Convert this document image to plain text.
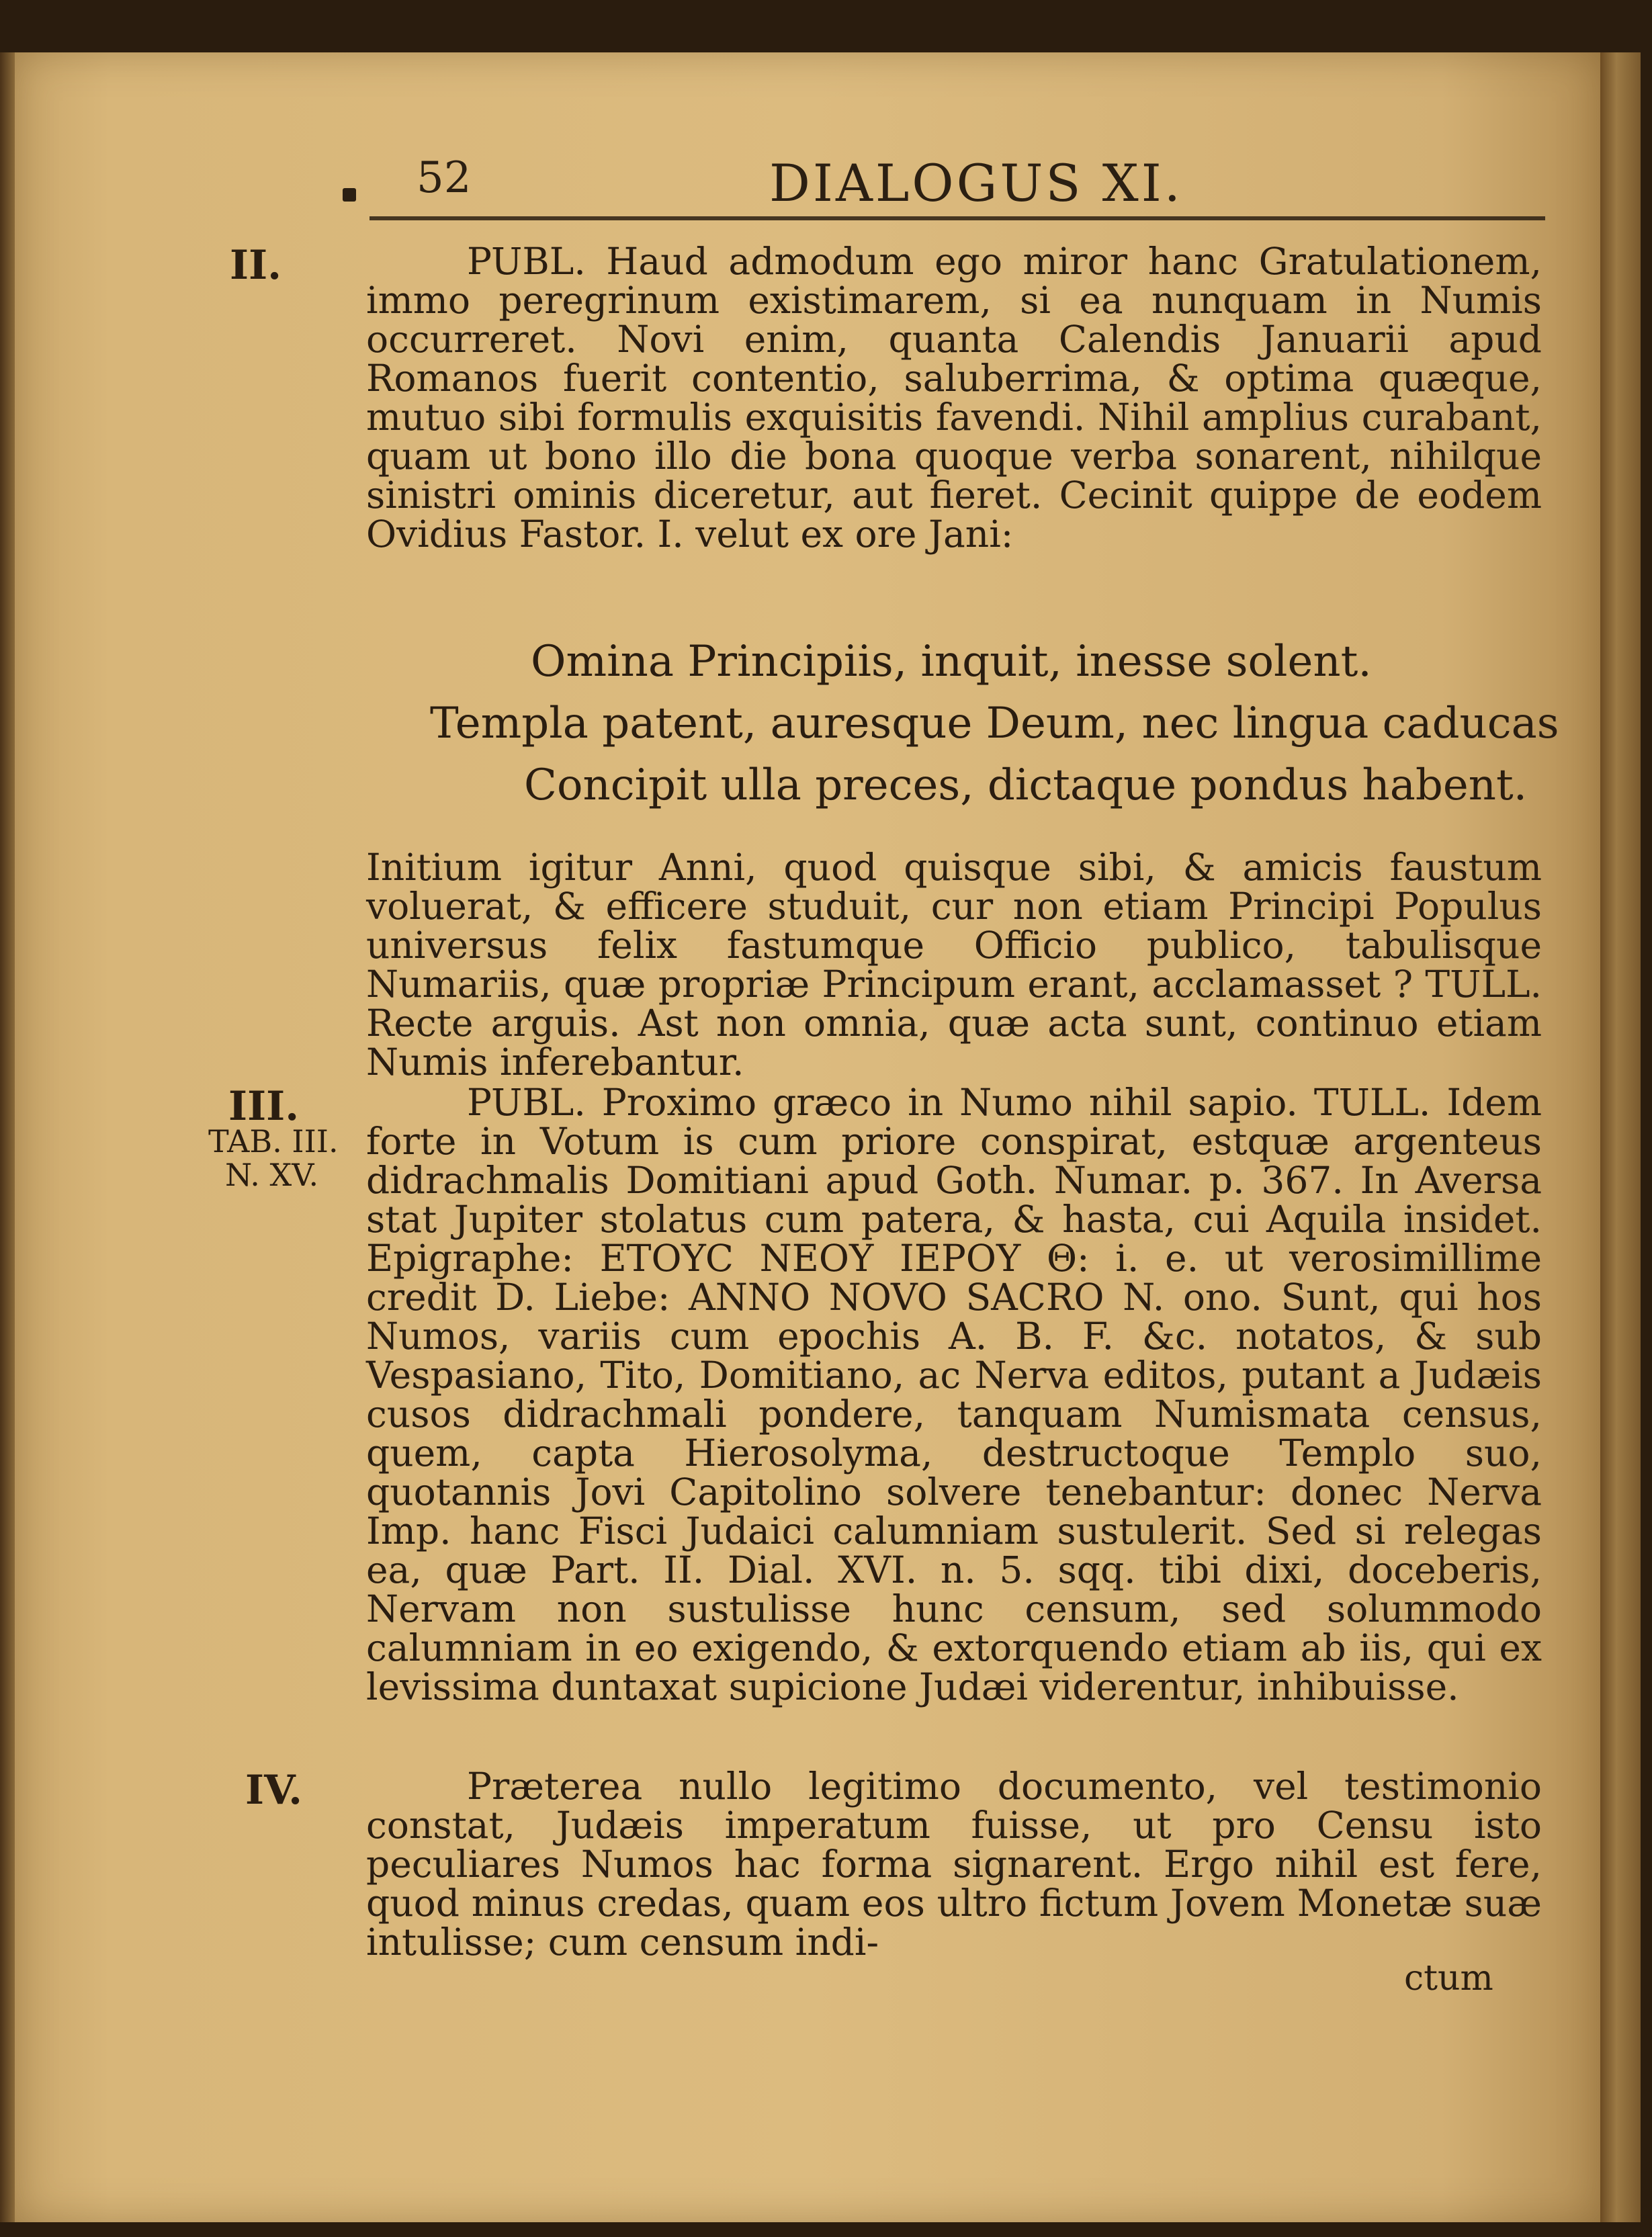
52	DIALOGUS XI.
II.	PUBL. Haud admodum ego miror hanc Gratulationem, immo peregrinum existimarem, si ea nunquam in Numis occurreret. Novi enim, quanta Calendis Januarii apud Romanos fuerit contentio, saluberrima, & optima quæque, mutuo sibi formulis exquisitis favendi. Nihil amplius curabant, quam ut bono illo die bona quoque verba sonarent, nihilque sinistri ominis diceretur, aut fieret. Cecinit quippe de eodem Ovidius Fastor. I. velut ex ore Jani:

Omina Principiis, inquit, inesse solent.
Templa patent, auresque Deum, nec lingua caducas
Concipit ulla preces, dictaque pondus habent.

Initium igitur Anni, quod quisque sibi, & amicis faustum voluerat, & efficere studuit, cur non etiam Principi Populus universus felix fastumque Officio publico, tabulisque Numariis, quæ propriæ Principum erant, acclamasset ? TULL. Recte arguis. Ast non omnia, quæ acta sunt, continuo etiam Numis inferebantur.

III.
TAB. III.
N. XV.

PUBL. Proximo græco in Numo nihil sapio. TULL. Idem forte in Votum is cum priore conspirat, estquæ argenteus didrachmalis Domitiani apud Goth. Numar. p. 367. In Aversa stat Jupiter stolatus cum patera, & hasta, cui Aquila insidet. Epigraphe: ETOYC NEOY IEPOY Θ: i. e. ut verosimillime credit D. Liebe: ANNO NOVO SACRO N. ono. Sunt, qui hos Numos, variis cum epochis A. B. F. &c. notatos, & sub Vespasiano, Tito, Domitiano, ac Nerva editos, putant a Judæis cusos didrachmali pondere, tanquam Numismata census, quem, capta Hierosolyma, destructoque Templo suo, quotannis Jovi Capitolino solvere tenebantur: donec Nerva Imp. hanc Fisci Judaici calumniam sustulerit. Sed si relegas ea, quæ Part. II. Dial. XVI. n. 5. sqq. tibi dixi, doceberis, Nervam non sustulisse hunc censum, sed solummodo calumniam in eo exigendo, & extorquendo etiam ab iis, qui ex levissima duntaxat supicione Judæi viderentur, inhibuisse.

IV.	Præterea nullo legitimo documento, vel testimonio constat, Judæis imperatum fuisse, ut pro Censu isto peculiares Numos hac forma signarent. Ergo nihil est fere, quod minus credas, quam eos ultro fictum Jovem Monetæ suæ intulisse; cum censum indi-

ctum
